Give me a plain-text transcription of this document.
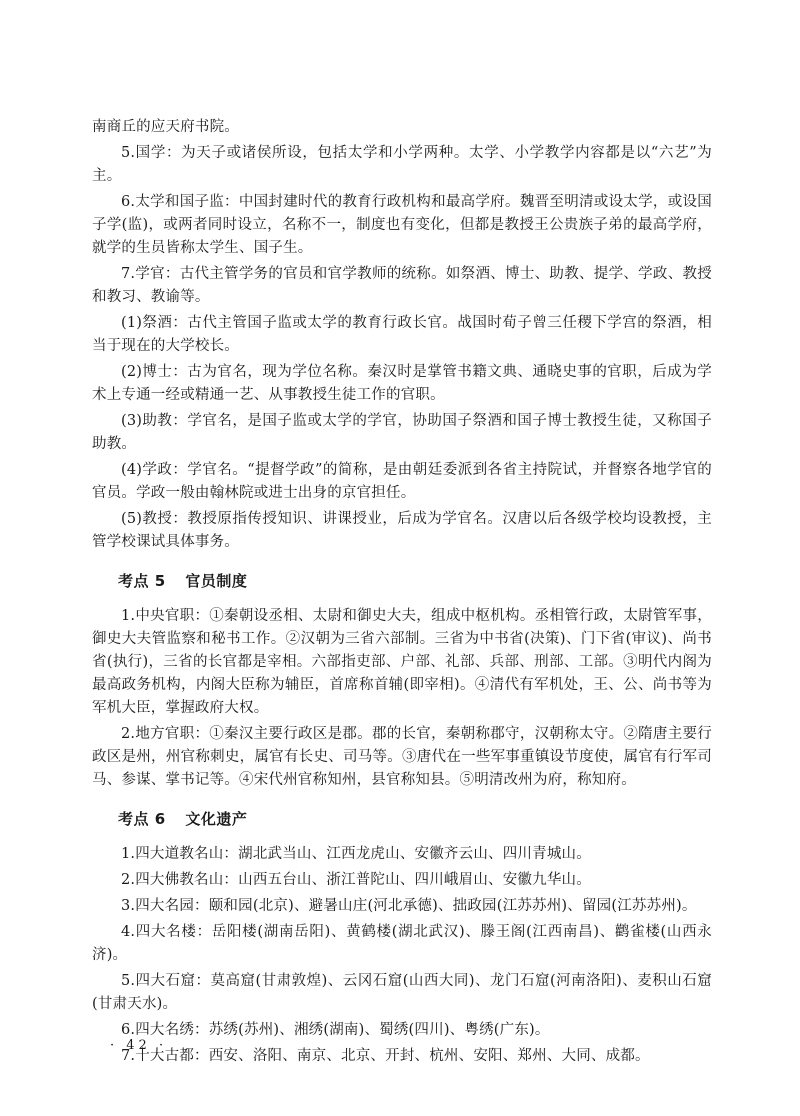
南商丘的应天府书院。

5.国学：为天子或诸侯所设，包括太学和小学两种。太学、小学教学内容都是以“六艺”为主。

6.太学和国子监：中国封建时代的教育行政机构和最高学府。魏晋至明清或设太学，或设国子学(监)，或两者同时设立，名称不一，制度也有变化，但都是教授王公贵族子弟的最高学府，就学的生员皆称太学生、国子生。

7.学官：古代主管学务的官员和官学教师的统称。如祭酒、博士、助教、提学、学政、教授和教习、教谕等。

(1)祭酒：古代主管国子监或太学的教育行政长官。战国时荀子曾三任稷下学宫的祭酒，相当于现在的大学校长。

(2)博士：古为官名，现为学位名称。秦汉时是掌管书籍文典、通晓史事的官职，后成为学术上专通一经或精通一艺、从事教授生徒工作的官职。

(3)助教：学官名，是国子监或太学的学官，协助国子祭酒和国子博士教授生徒，又称国子助教。

(4)学政：学官名。“提督学政”的简称，是由朝廷委派到各省主持院试，并督察各地学官的官员。学政一般由翰林院或进士出身的京官担任。

(5)教授：教授原指传授知识、讲课授业，后成为学官名。汉唐以后各级学校均设教授，主管学校课试具体事务。

考点 5 官员制度

1.中央官职：①秦朝设丞相、太尉和御史大夫，组成中枢机构。丞相管行政，太尉管军事，御史大夫管监察和秘书工作。②汉朝为三省六部制。三省为中书省(决策)、门下省(审议)、尚书省(执行)，三省的长官都是宰相。六部指吏部、户部、礼部、兵部、刑部、工部。③明代内阁为最高政务机构，内阁大臣称为辅臣，首席称首辅(即宰相)。④清代有军机处，王、公、尚书等为军机大臣，掌握政府大权。

2.地方官职：①秦汉主要行政区是郡。郡的长官，秦朝称郡守，汉朝称太守。②隋唐主要行政区是州，州官称刺史，属官有长史、司马等。③唐代在一些军事重镇设节度使，属官有行军司马、参谋、掌书记等。④宋代州官称知州，县官称知县。⑤明清改州为府，称知府。

考点 6 文化遗产

1.四大道教名山：湖北武当山、江西龙虎山、安徽齐云山、四川青城山。

2.四大佛教名山：山西五台山、浙江普陀山、四川峨眉山、安徽九华山。

3.四大名园：颐和园(北京)、避暑山庄(河北承德)、拙政园(江苏苏州)、留园(江苏苏州)。

4.四大名楼：岳阳楼(湖南岳阳)、黄鹤楼(湖北武汉)、滕王阁(江西南昌)、鹳雀楼(山西永济)。

5.四大石窟：莫高窟(甘肃敦煌)、云冈石窟(山西大同)、龙门石窟(河南洛阳)、麦积山石窟(甘肃天水)。

6.四大名绣：苏绣(苏州)、湘绣(湖南)、蜀绣(四川)、粤绣(广东)。

7.十大古都：西安、洛阳、南京、北京、开封、杭州、安阳、郑州、大同、成都。

· 42 ·
